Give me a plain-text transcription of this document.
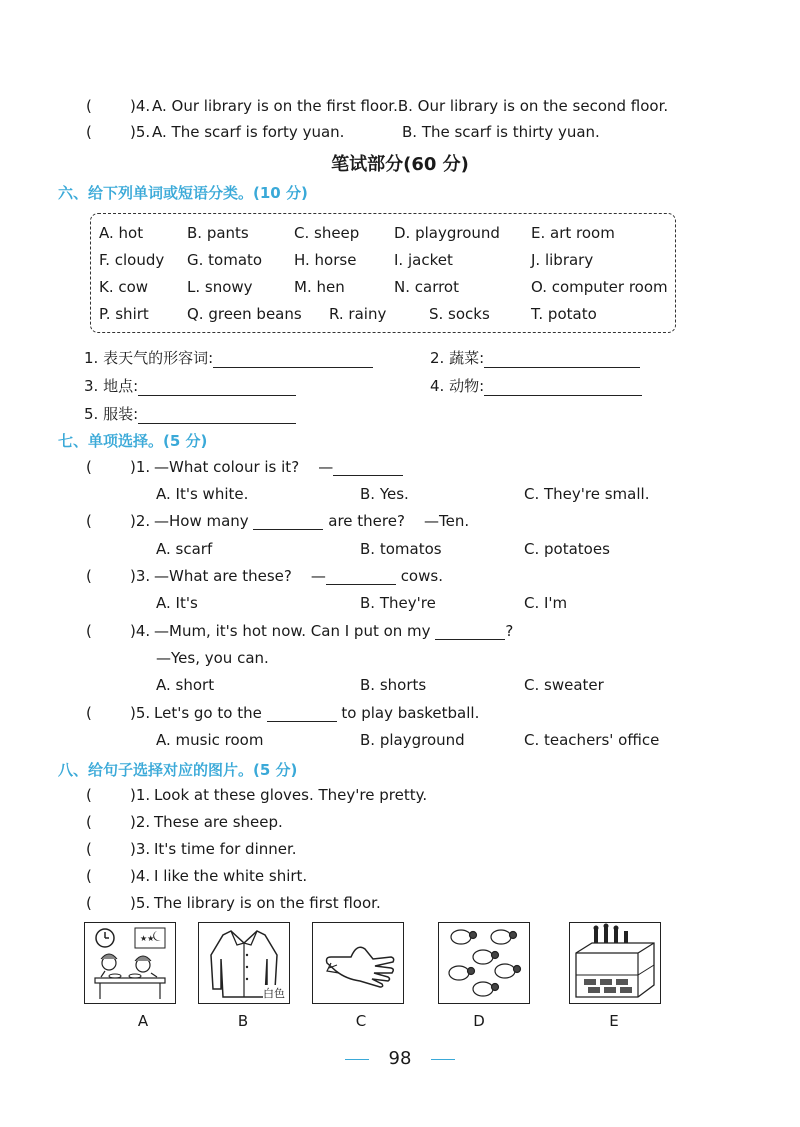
(	)4. A. Our library is on the first floor.B. Our library is on the second floor.
(	)5. A. The scarf is forty yuan.	B. The scarf is thirty yuan.
笔试部分(60 分)
六、给下列单词或短语分类。(10 分)
A. hot	B. pants	C. sheep D. playground E. art room
F. cloudy G. tomato H. horse	I. jacket	J. library
K. cow	L. snowy	M. hen	N. carrot	O. computer room
P. shirt	Q. green beans R. rainy	S. socks	T. potato
1. 表天气的形容词:	2. 蔬菜:
3. 地点:	4. 动物:
5. 服装:
七、单项选择。(5 分)
(	)1. —What colour is it? —
A. It's white.	B. Yes.	C. They're small.
(	)2. —How many	are there? —Ten.
A. scarf	B. tomatos	C. potatoes
(	)3. —What are these? —	cows.
A. It's	B. They're	C. I'm
(	)4. —Mum, it's hot now. Can I put on my	?
—Yes, you can.
A. short	B. shorts	C. sweater
(	)5. Let's go to the	to play basketball.
A. music room	B. playground	C. teachers' office
八、给句子选择对应的图片。(5 分)
(	)1. Look at these gloves. They're pretty.
(	)2. These are sheep.
(	)3. It's time for dinner.
(	)4. I like the white shirt.
(	)5. The library is on the first floor.
★★
白色
A	B	C	D	E
98
